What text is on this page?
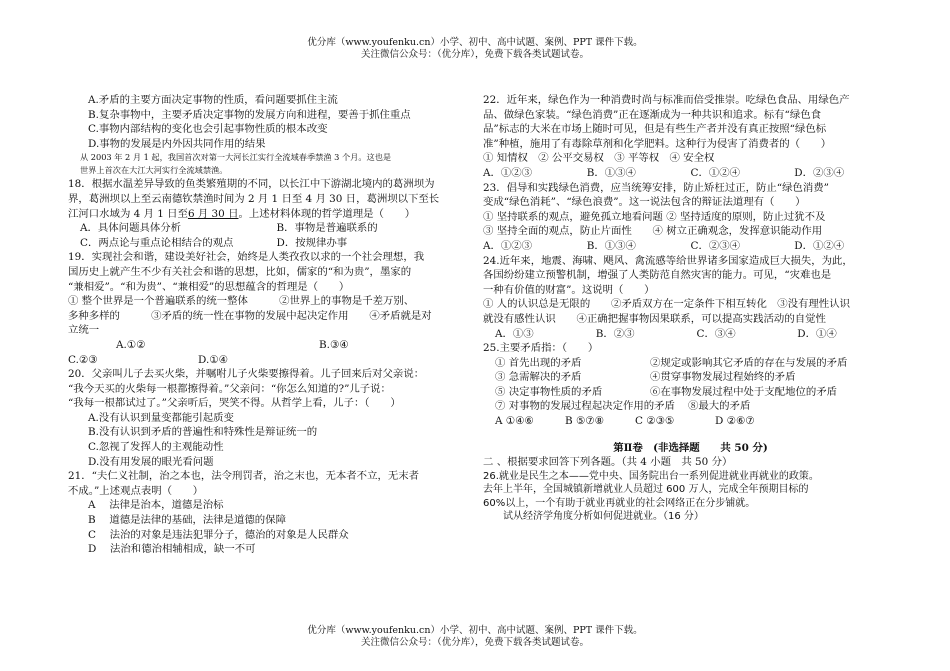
优分库（www.youfenku.cn）小学、初中、高中试题、案例、PPT 课件下载。
关注微信公众号：（优分库），免费下载各类试题试卷。
A.矛盾的主要方面决定事物的性质，看问题要抓住主流
B.复杂事物中，主要矛盾决定事物的发展方向和进程，要善于抓住重点
C.事物内部结构的变化也会引起事物性质的根本改变
D.事物的发展是内外因共同作用的结果
从 2003 年 2 月 1 起，我国首次对第一大河长江实行全流域春季禁渔 3 个月。这也是
世界上首次在大江大河实行全流域禁渔。
18．根据水温差异导致的鱼类繁殖期的不同，以长江中下游湖北境内的葛洲坝为
界，葛洲坝以上至云南德钦禁渔时间为 2 月 1 日至 4 月 30 日，葛洲坝以下至长
江河口水域为 4 月 1 日至6 月 30 日。上述材料体现的哲学道理是（　　）
A．具体问题具体分析	B．事物是普遍联系的
C．两点论与重点论相结合的观点	D．按规律办事
19．实现社会和谐，建设美好社会，始终是人类孜孜以求的一个社会理想，我
国历史上就产生不少有关社会和谐的思想，比如，儒家的“和为贵”，墨家的
“兼相爱”。“和为贵”、“兼相爱”的思想蕴含的哲理是（　　）
① 整个世界是一个普遍联系的统一整体　　　②世界上的事物是千差万别、
多种多样的　　　③矛盾的统一性在事物的发展中起决定作用　　④矛盾就是对
立统一
A.①②	B.③④
C.②③	D.①④
20．父亲叫儿子去买火柴，并嘱咐儿子火柴要擦得着。儿子回来后对父亲说：
“我今天买的火柴每一根都擦得着。”父亲问：“你怎么知道的?”儿子说：
“我每一根都试过了。”父亲听后，哭笑不得。从哲学上看，儿子：（　　）
A.没有认识到量变都能引起质变
B.没有认识到矛盾的普遍性和特殊性是辩证统一的
C.忽视了发挥人的主观能动性
D.没有用发展的眼光看问题
21．“夫仁义社制，治之本也，法令刑罚者，治之末也，无本者不立，无末者
不成。”上述观点表明（　　）
A　 法律是治本，道德是治标
B　 道德是法律的基础，法律是道德的保障
C　 法治的对象是违法犯罪分子，德治的对象是人民群众
D　 法治和德治相辅相成，缺一不可
22．近年来，绿色作为一种消费时尚与标准而倍受推崇。吃绿色食品、用绿色产
品、做绿色家装。“绿色消费”正在逐渐成为一种共识和追求。标有“绿色食
品”标志的大米在市场上随时可见，但是有些生产者并没有真正按照“绿色标
准”种植，施用了有毒除草剂和化学肥料。这种行为侵害了消费者的（　　）
① 知情权　② 公平交易权　③ 平等权　④ 安全权
A．①②③	B．①③④	C．①②④	D．②③④
23．倡导和实践绿色消费，应当统筹安排，防止矫枉过正，防止“绿色消费”
变成“绿色消耗”、“绿色浪费”。这一说法包含的辩证法道理有（　　）
① 坚持联系的观点，避免孤立地看问题 ② 坚持适度的原则，防止过犹不及
③ 坚持全面的观点，防止片面性　　④ 树立正确观念，发挥意识能动作用
A．①②③	B．①③④	C．②③④	D．①②④
24.近年来，地震、海啸、飓风、禽流感等给世界诸多国家造成巨大损失，为此，
各国纷纷建立预警机制，增强了人类防范自然灾害的能力。可见，“灾难也是
一种有价值的财富”。这说明（　　）
① 人的认识总是无限的　　②矛盾双方在一定条件下相互转化　③没有理性认识
就没有感性认识　　④正确把握事物因果联系，可以提高实践活动的自觉性
A．①③	B．②③	C．③④	D．①④
25.主要矛盾指：（　　）
① 首先出现的矛盾	②规定或影响其它矛盾的存在与发展的矛盾
③ 急需解决的矛盾	④贯穿事物发展过程始终的矛盾
⑤ 决定事物性质的矛盾	⑥在事物发展过程中处于支配地位的矛盾
⑦ 对事物的发展过程起决定作用的矛盾	⑧最大的矛盾
A ①④⑥	B ⑤⑦⑧	C ②③⑤	D ②⑥⑦
第Ⅱ卷　(非选择题　　共 50 分)
二 、根据要求回答下列各题。（共 4 小题　共 50 分）
26.就业是民生之本——党中央、国务院出台一系列促进就业再就业的政策。
去年上半年，全国城镇新增就业人员超过 600 万人，完成全年预期目标的
60%以上，一个有助于就业再就业的社会网络正在分步铺就。
　　试从经济学角度分析如何促进就业。（16 分）
优分库（www.youfenku.cn）小学、初中、高中试题、案例、PPT 课件下载。
关注微信公众号：（优分库），免费下载各类试题试卷。
